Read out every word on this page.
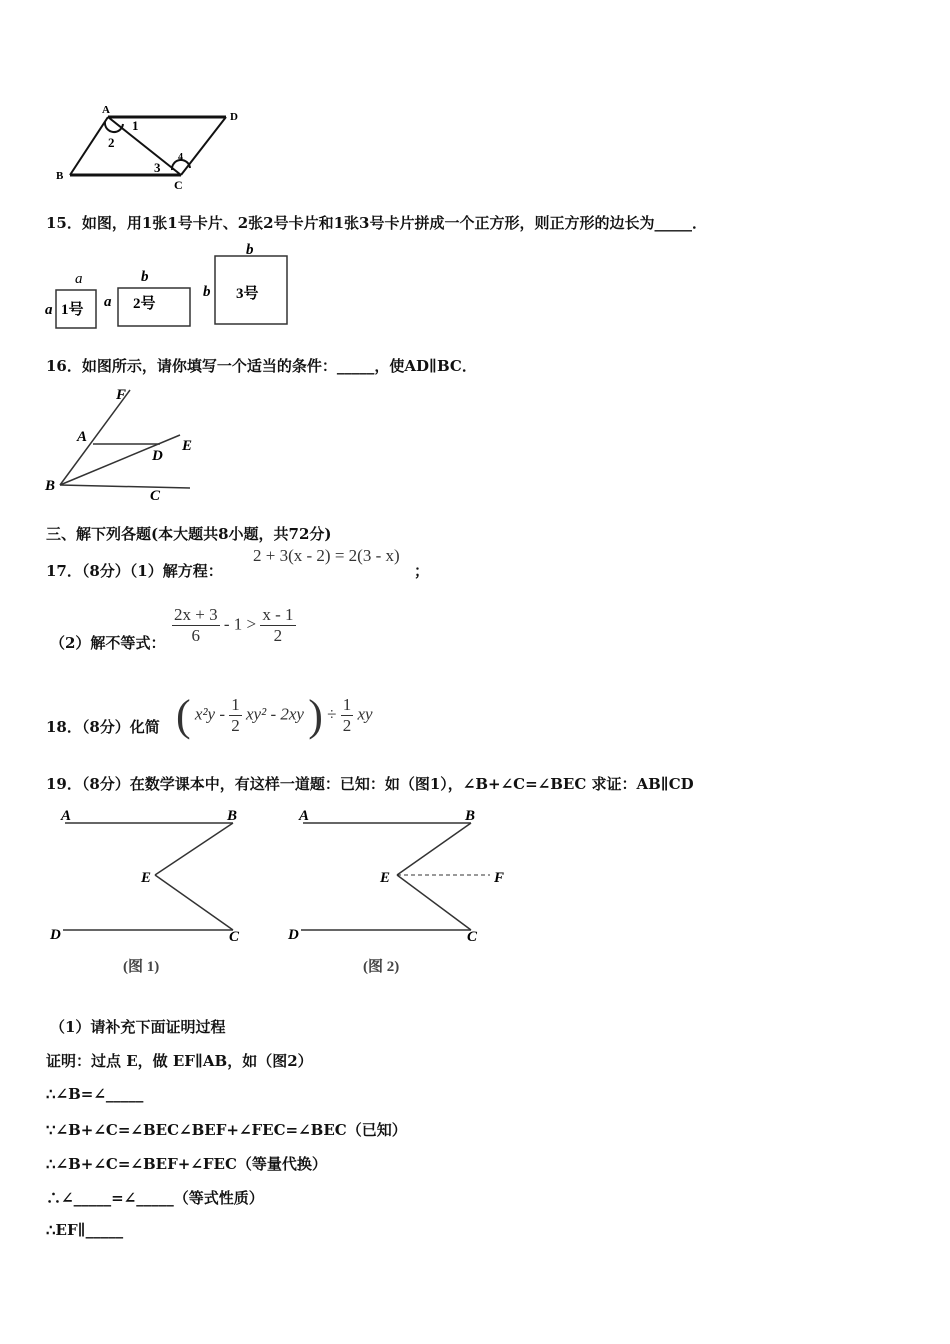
A
D
B
C
1
2
3
4
15．如图，用1张1号卡片、2张2号卡片和1张3号卡片拼成一个正方形，则正方形的边长为_____．
a
a 1号
b
a 2号
b
b 3号
16．如图所示，请你填写一个适当的条件：_____，使AD∥BC．
F
A
E
D
B
C
三、解下列各题(本大题共8小题，共72分)
17．（8分）（1）解方程：
2 + 3(x - 2) = 2(3 - x)
；
（2）解不等式： $\frac{2x + 3}{6} - 1 > \frac{x - 1}{2}$
18．（8分）化简 ( $x^2y - \frac{1}{2} xy^2 - 2xy$ ) ÷ $\frac{1}{2}$ xy
19．（8分）在数学课本中，有这样一道题：已知：如（图1），∠B+∠C=∠BEC 求证：AB∥CD
A	B
E
D	C
(图 1)
A	B
E	F
D	C
(图 2)
（1）请补充下面证明过程
证明：过点 E，做 EF∥AB，如（图2）
∴∠B=∠_____
∵∠B+∠C=∠BEC∠BEF+∠FEC=∠BEC（已知）
∴∠B+∠C=∠BEF+∠FEC（等量代换）
∴∠_____=∠_____（等式性质）
∴EF∥_____
